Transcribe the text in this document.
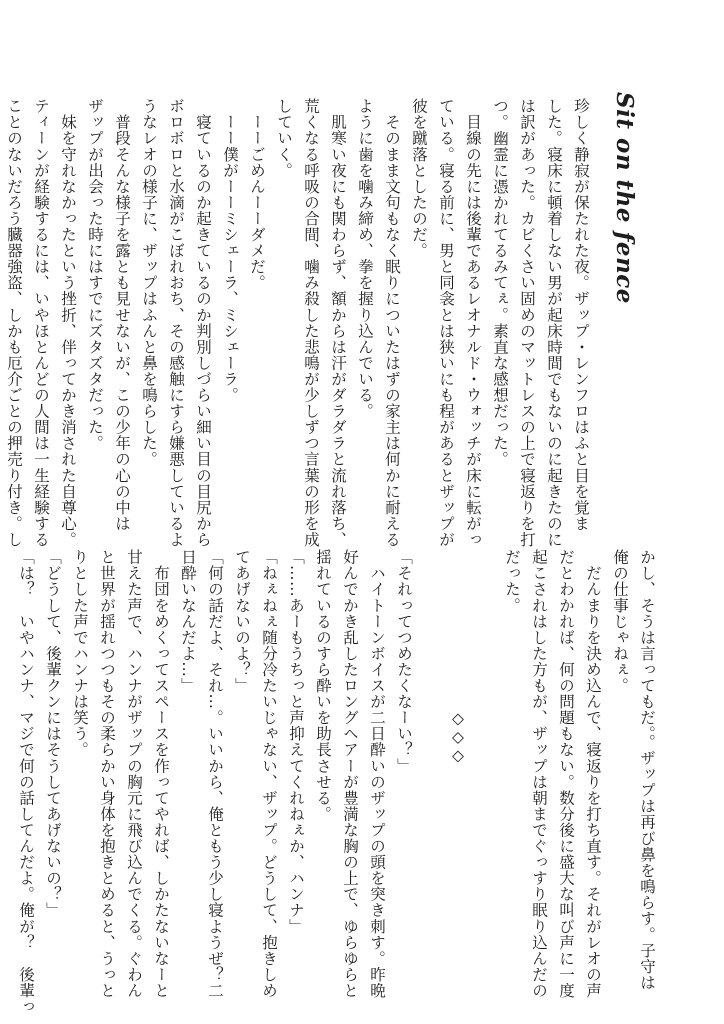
Sit on the fence
珍しく静寂が保たれた夜。ザップ・レンフロはふと目を覚ま
した。寝床に頓着しない男が起床時間でもないのに起きたのに
は訳があった。カビくさい固めのマットレスの上で寝返りを打
つ。幽霊に憑かれてるみてぇ。素直な感想だった。
　目線の先には後輩であるレオナルド・ウォッチが床に転がっ
ている。寝る前に、男と同衾とは狭いにも程があるとザップが
彼を蹴落としたのだ。
　そのまま文句もなく眠りについたはずの家主は何かに耐える
ように歯を噛み締め、拳を握り込んでいる。
　肌寒い夜にも関わらず、額からは汗がダラダラと流れ落ち、
荒くなる呼吸の合間、噛み殺した悲鳴が少しずつ言葉の形を成
していく。
　ーーごめんーーダメだ。
　ーー僕がーーミシェーラ、ミシェーラ。
　寝ているのか起きているのか判別しづらい細い目の目尻から
ボロボロと水滴がこぼれおち、その感触にすら嫌悪しているよ
うなレオの様子に、ザップはふんと鼻を鳴らした。
　普段そんな様子を露とも見せないが、この少年の心の中は
ザップが出会った時にはすでにズタズタだった。
　妹を守れなかったという挫折、伴ってかき消された自尊心。
ティーンが経験するには、いやほとんどの人間は一生経験する
ことのないだろう臓器強盗、しかも厄介ごとの押売り付き。し
かし、そうは言ってもだ。。ザップは再び鼻を鳴らす。子守は
俺の仕事じゃねぇ。
　だんまりを決め込んで、寝返りを打ち直す。それがレオの声
だとわかれば、何の問題もない。数分後に盛大な叫び声に一度
起こされはした方もが、ザップは朝までぐっすり眠り込んだの
だった。
　　　　　　　　　　◇◇◇
「それってつめたくなーい？」
　ハイトーンボイスが二日酔いのザップの頭を突き刺す。昨晩
好んでかき乱したロングヘアーが豊満な胸の上で、ゆらゆらと
揺れているのすら酔いを助長させる。
「……あーもうちっと声抑えてくれねぇか、ハンナ」
「ねぇねぇ随分冷たいじゃない、ザップ。どうして、抱きしめ
てあげないのよ？」
「何の話だよ、それ…。いいから、俺ともう少し寝ようぜ？二
日酔いなんだよ…」
　布団をめくってスペースを作ってやれば、しかたないなーと
甘えた声で、ハンナがザップの胸元に飛び込んでくる。ぐわん
と世界が揺れつつもその柔らかい身体を抱きとめると、うっと
りとした声でハンナは笑う。
「どうして、後輩クンにはそうしてあげないの？」
「は？　いやハンナ、マジで何の話してんだよ。俺が？　後輩っ
